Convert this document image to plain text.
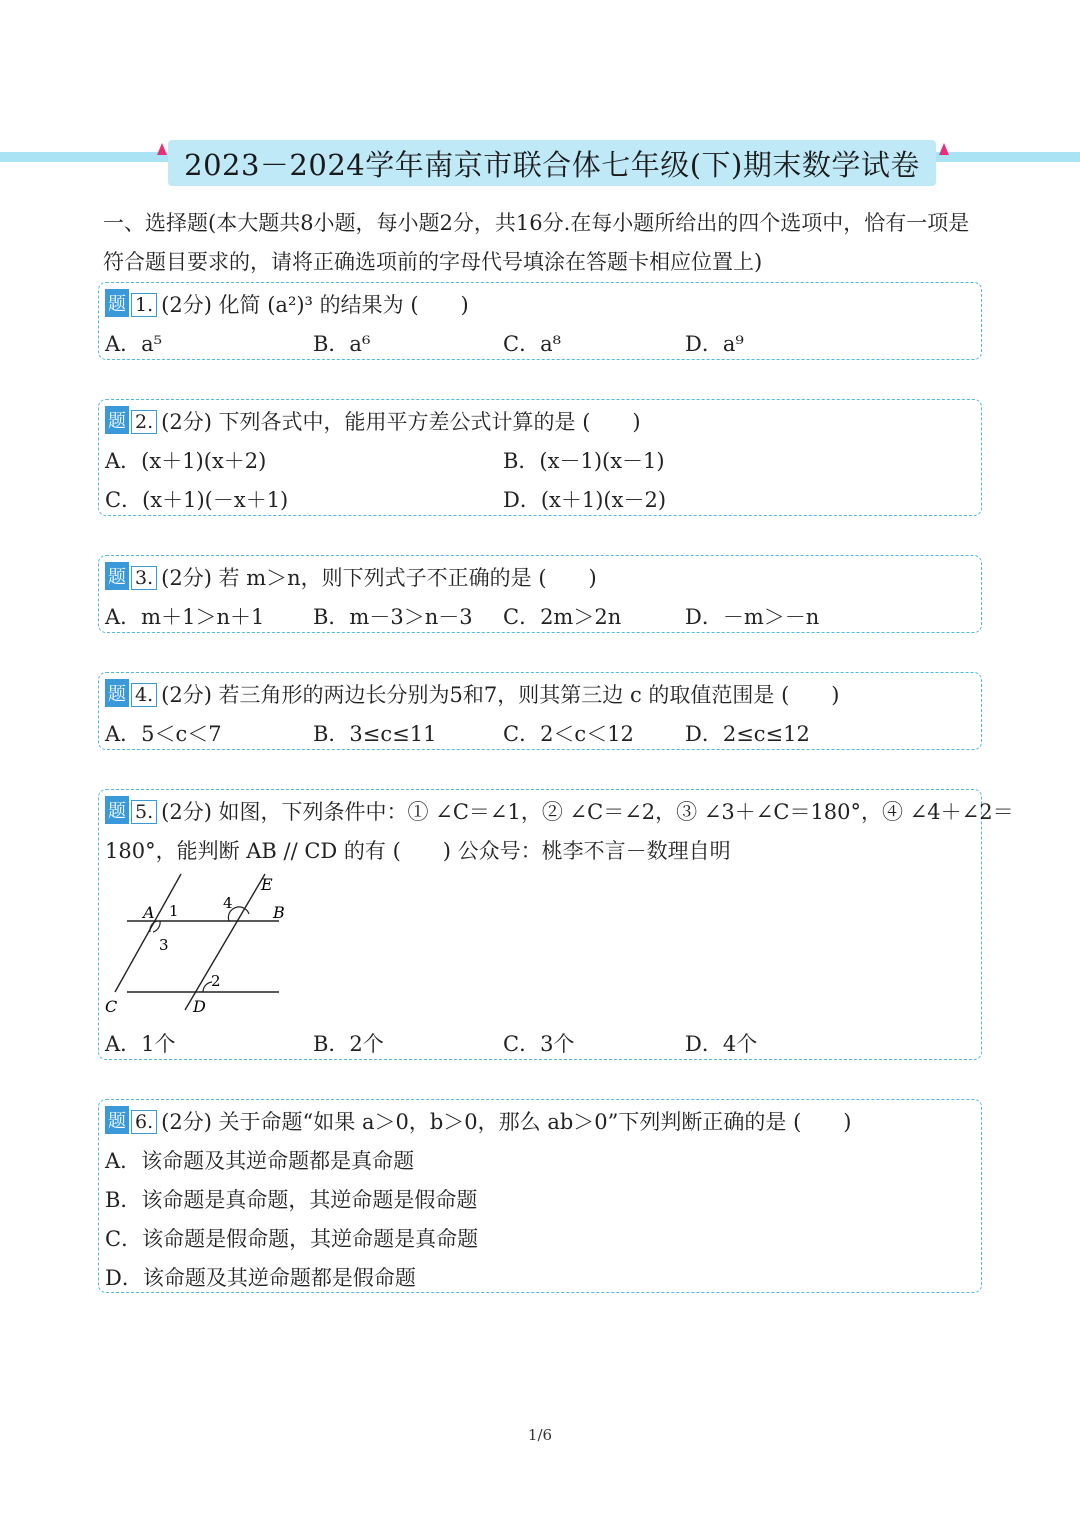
2023－2024学年南京市联合体七年级(下)期末数学试卷
一、选择题(本大题共8小题，每小题2分，共16分.在每小题所给出的四个选项中，恰有一项是
符合题目要求的，请将正确选项前的字母代号填涂在答题卡相应位置上)
题 1. (2分) 化简 (a²)³ 的结果为 (　　)
A．a⁵	B．a⁶	C．a⁸	D．a⁹
题 2. (2分) 下列各式中，能用平方差公式计算的是 (　　)
A．(x＋1)(x＋2)	B．(x－1)(x－1)
C．(x＋1)(－x＋1)	D．(x＋1)(x－2)
题 3. (2分) 若 m＞n，则下列式子不正确的是 (　　)
A．m＋1＞n＋1 B．m－3＞n－3 C．2m＞2n	D．－m＞－n
题 4. (2分) 若三角形的两边长分别为5和7，则其第三边 c 的取值范围是 (　　)
A．5＜c＜7	B．3≤c≤11	C．2＜c＜12 D．2≤c≤12
题 5. (2分) 如图，下列条件中：① ∠C＝∠1，② ∠C＝∠2，③ ∠3＋∠C＝180°，④ ∠4＋∠2＝
180°，能判断 AB // CD 的有 (　　) 公众号：桃李不言－数理自明
A 1
3
4
E
B
2
C	D
A．1个	B．2个	C．3个	D．4个
题 6. (2分) 关于命题“如果 a＞0，b＞0，那么 ab＞0”下列判断正确的是 (　　)
A．该命题及其逆命题都是真命题
B．该命题是真命题，其逆命题是假命题
C．该命题是假命题，其逆命题是真命题
D．该命题及其逆命题都是假命题
1/6
